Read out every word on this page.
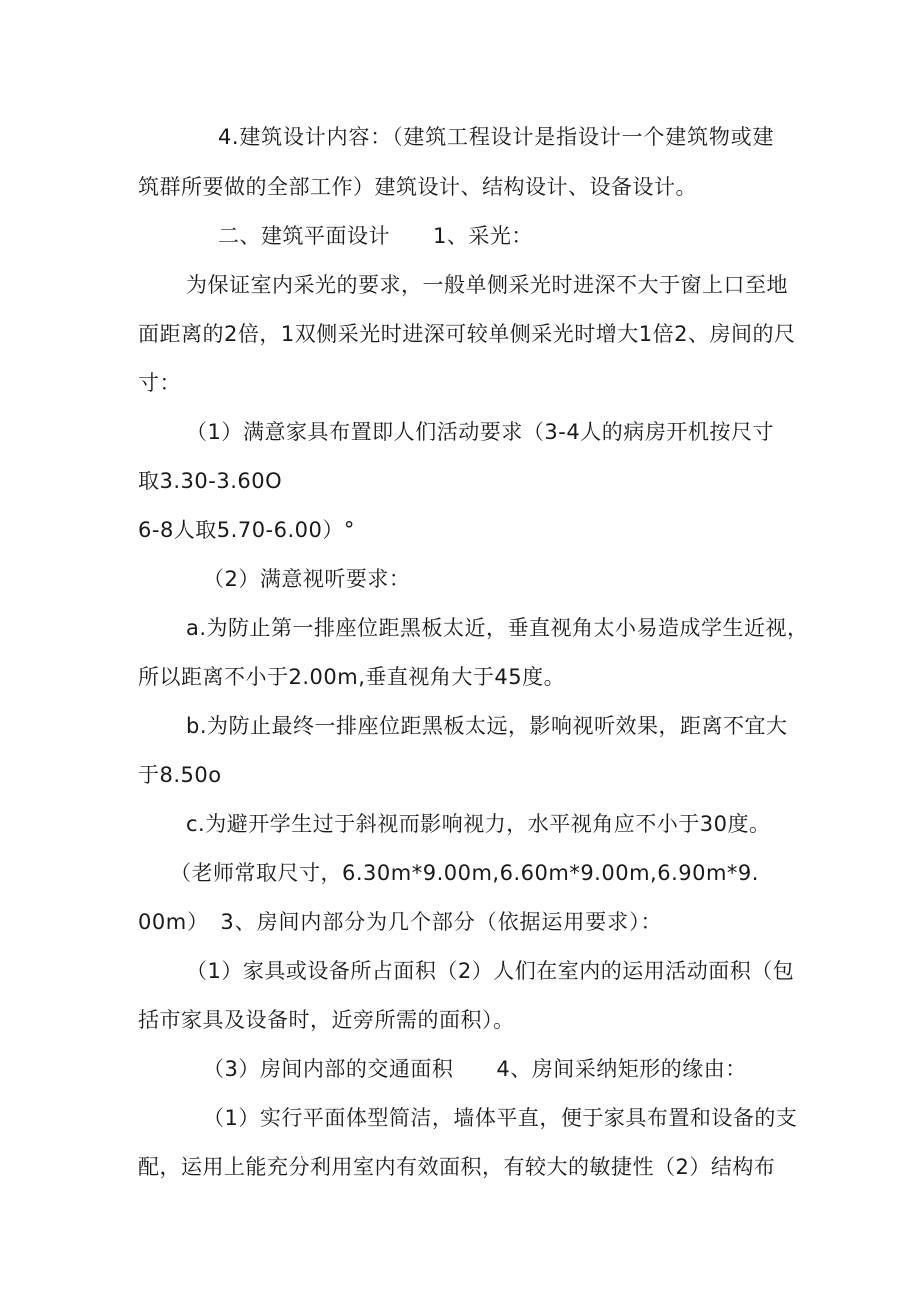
4.建筑设计内容：（建筑工程设计是指设计一个建筑物或建
筑群所要做的全部工作）建筑设计、结构设计、设备设计。
二、建筑平面设计　　1、采光：
为保证室内采光的要求，一般单侧采光时进深不大于窗上口至地
面距离的2倍，1双侧采光时进深可较单侧采光时增大1倍2、房间的尺
寸：
（1）满意家具布置即人们活动要求（3-4人的病房开机按尺寸
取3.30-3.60O
6-8人取5.70-6.00）°
（2）满意视听要求：
a.为防止第一排座位距黑板太近，垂直视角太小易造成学生近视，
所以距离不小于2.00m,垂直视角大于45度。
b.为防止最终一排座位距黑板太远，影响视听效果，距离不宜大
于8.50o
c.为避开学生过于斜视而影响视力，水平视角应不小于30度。
（老师常取尺寸，6.30m*9.00m,6.60m*9.00m,6.90m*9.
00m）　3、房间内部分为几个部分（依据运用要求）：
（1）家具或设备所占面积（2）人们在室内的运用活动面积（包
括市家具及设备时，近旁所需的面积）。
（3）房间内部的交通面积　　4、房间采纳矩形的缘由：
（1）实行平面体型简洁，墙体平直，便于家具布置和设备的支
配，运用上能充分利用室内有效面积，有较大的敏捷性（2）结构布
